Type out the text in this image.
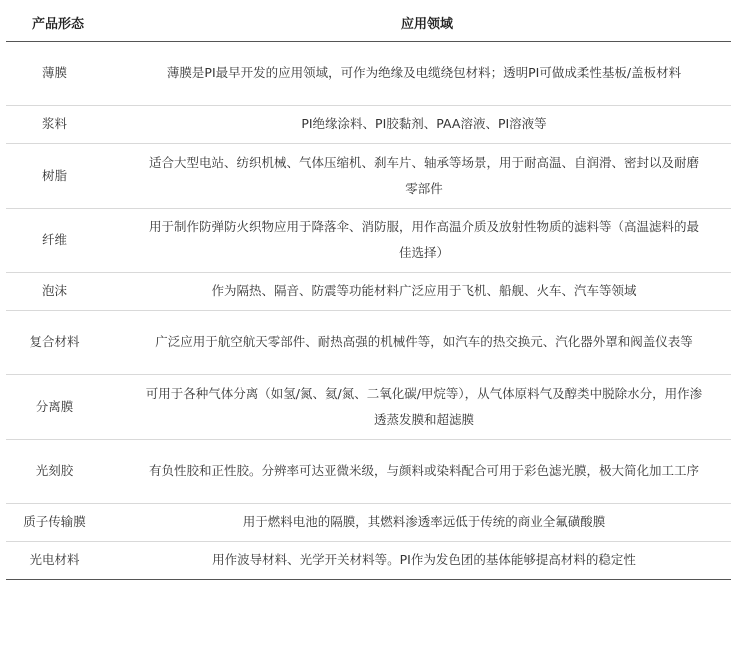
产品形态	应用领域
薄膜	薄膜是PI最早开发的应用领域，可作为绝缘及电缆绕包材料；透明PI可做成柔性基板/盖板材料
浆料	PI绝缘涂料、PI胶黏剂、PAA溶液、PI溶液等
树脂	适合大型电站、纺织机械、气体压缩机、刹车片、轴承等场景，用于耐高温、自润滑、密封以及耐磨零部件
纤维	用于制作防弹防火织物应用于降落伞、消防服，用作高温介质及放射性物质的滤料等（高温滤料的最佳选择）
泡沫	作为隔热、隔音、防震等功能材料广泛应用于飞机、船舰、火车、汽车等领域
复合材料	广泛应用于航空航天零部件、耐热高强的机械件等，如汽车的热交换元、汽化器外罩和阀盖仪表等
分离膜	可用于各种气体分离（如氢/氮、氦/氮、二氧化碳/甲烷等），从气体原料气及醇类中脱除水分，用作渗透蒸发膜和超滤膜
光刻胶	有负性胶和正性胶。分辨率可达亚微米级，与颜料或染料配合可用于彩色滤光膜，极大简化加工工序
质子传输膜	用于燃料电池的隔膜，其燃料渗透率远低于传统的商业全氟磺酸膜
光电材料	用作波导材料、光学开关材料等。PI作为发色团的基体能够提高材料的稳定性
